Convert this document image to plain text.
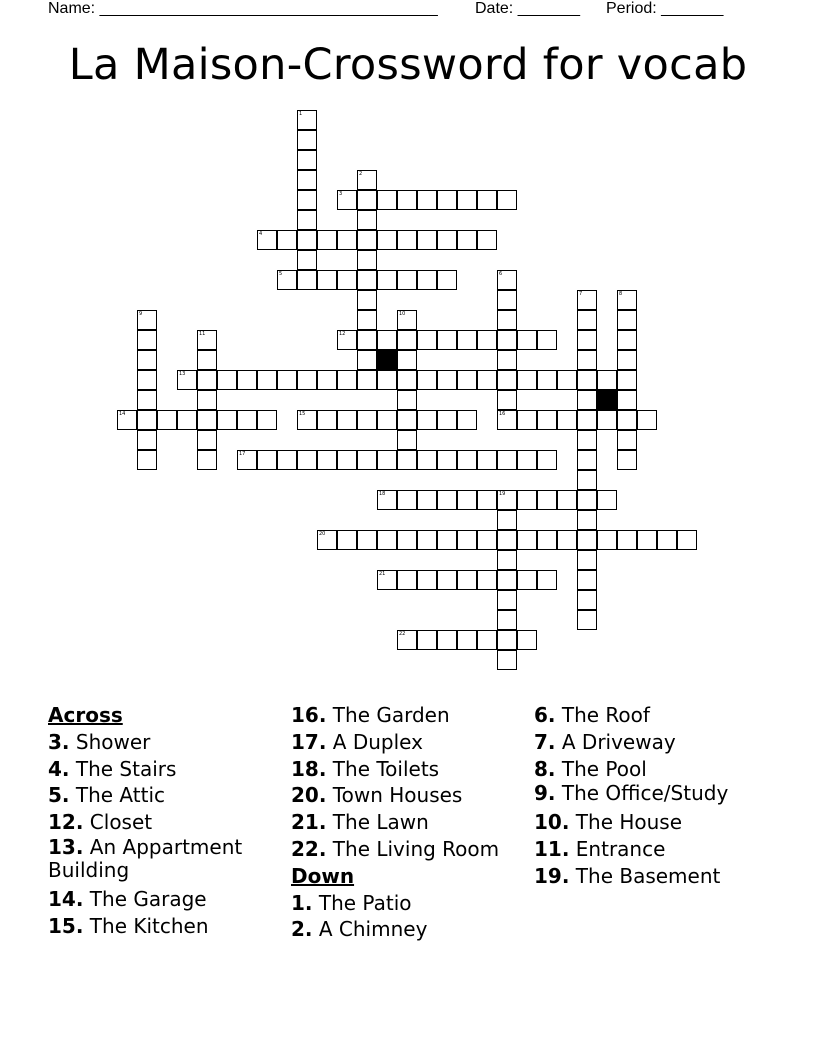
Name: ______________________________________

Date: _______

Period: _______

La Maison-Crossword for vocab
1
2
3
4
5	6
16
7	8
9	10
11	12
13
14	15
17
18	19
20
21
22
Across
3. Shower
4. The Stairs
5. The Attic
12. Closet
13. An Appartment Building
14. The Garage
15. The Kitchen
16. The Garden
17. A Duplex
18. The Toilets
20. Town Houses
21. The Lawn
22. The Living Room
Down
1. The Patio
2. A Chimney
6. The Roof
7. A Driveway
8. The Pool
9. The Office/Study
10. The House
11. Entrance
19. The Basement
